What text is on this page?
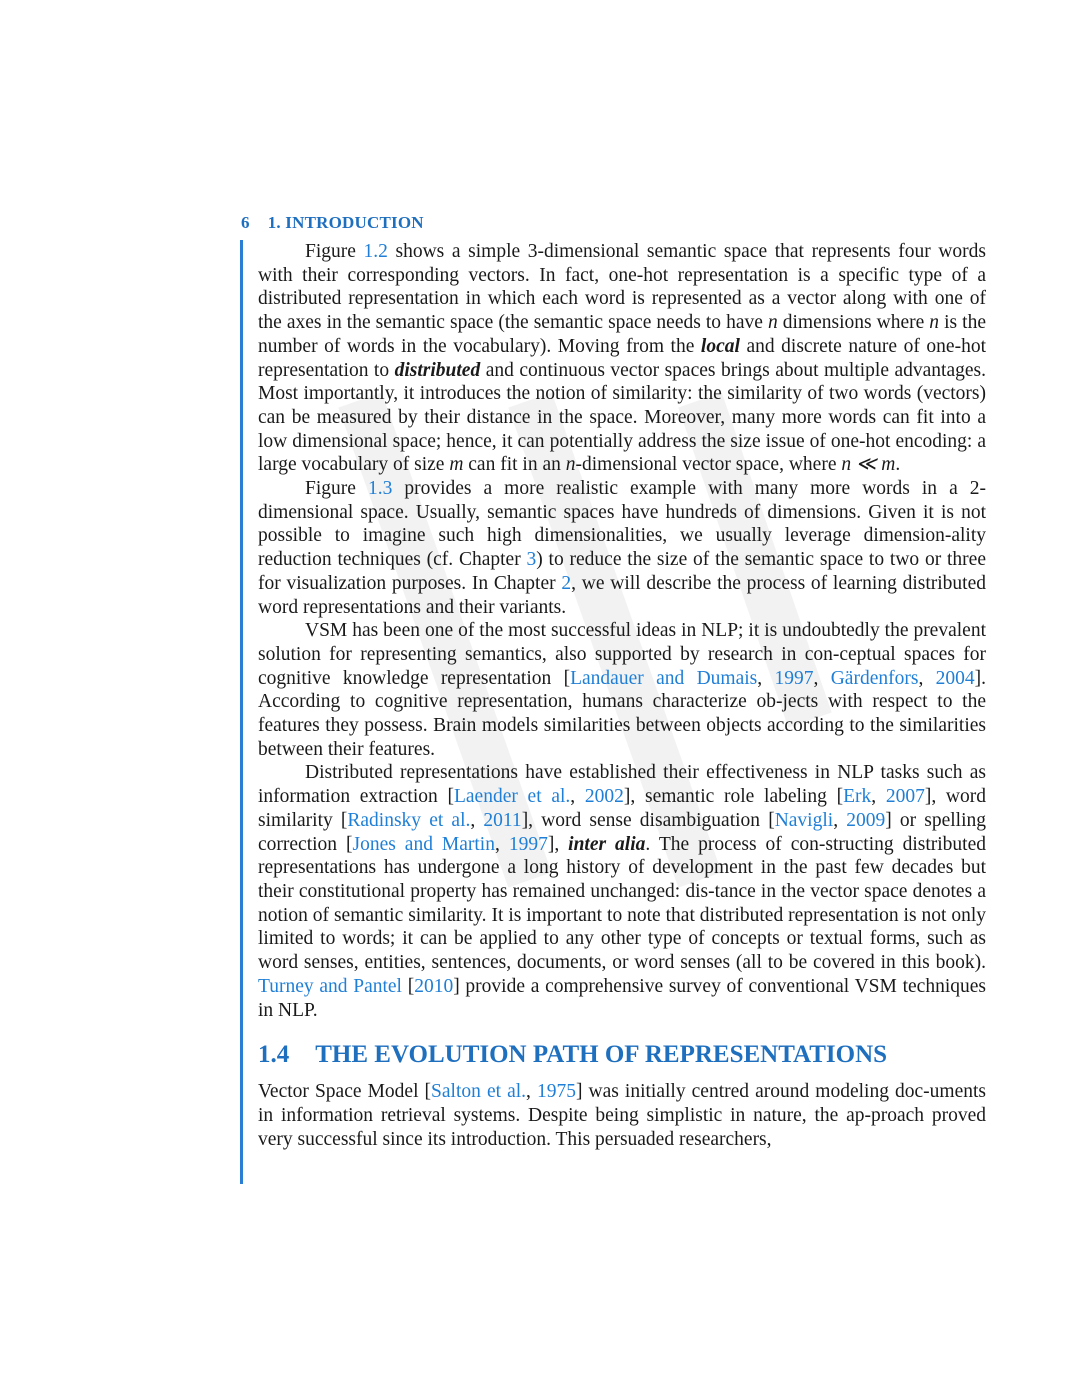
6 1. INTRODUCTION

Figure 1.2 shows a simple 3-dimensional semantic space that represents four words with their corresponding vectors. In fact, one-hot representation is a specific type of a distributed representation in which each word is represented as a vector along with one of the axes in the semantic space (the semantic space needs to have n dimensions where n is the number of words in the vocabulary). Moving from the local and discrete nature of one-hot representation to distributed and continuous vector spaces brings about multiple advantages. Most importantly, it introduces the notion of similarity: the similarity of two words (vectors) can be measured by their distance in the space. Moreover, many more words can fit into a low dimensional space; hence, it can potentially address the size issue of one-hot encoding: a large vocabulary of size m can fit in an n-dimensional vector space, where n ≪ m.

Figure 1.3 provides a more realistic example with many more words in a 2-dimensional space. Usually, semantic spaces have hundreds of dimensions. Given it is not possible to imagine such high dimensionalities, we usually leverage dimension-ality reduction techniques (cf. Chapter 3) to reduce the size of the semantic space to two or three for visualization purposes. In Chapter 2, we will describe the process of learning distributed word representations and their variants.

VSM has been one of the most successful ideas in NLP; it is undoubtedly the prevalent solution for representing semantics, also supported by research in con-ceptual spaces for cognitive knowledge representation [Landauer and Dumais, 1997, Gärdenfors, 2004]. According to cognitive representation, humans characterize ob-jects with respect to the features they possess. Brain models similarities between objects according to the similarities between their features.

Distributed representations have established their effectiveness in NLP tasks such as information extraction [Laender et al., 2002], semantic role labeling [Erk, 2007], word similarity [Radinsky et al., 2011], word sense disambiguation [Navigli, 2009] or spelling correction [Jones and Martin, 1997], inter alia. The process of con-structing distributed representations has undergone a long history of development in the past few decades but their constitutional property has remained unchanged: dis-tance in the vector space denotes a notion of semantic similarity. It is important to note that distributed representation is not only limited to words; it can be applied to any other type of concepts or textual forms, such as word senses, entities, sentences, documents, or word senses (all to be covered in this book). Turney and Pantel [2010] provide a comprehensive survey of conventional VSM techniques in NLP.

1.4 THE EVOLUTION PATH OF REPRESENTATIONS

Vector Space Model [Salton et al., 1975] was initially centred around modeling doc-uments in information retrieval systems. Despite being simplistic in nature, the ap-proach proved very successful since its introduction. This persuaded researchers,
